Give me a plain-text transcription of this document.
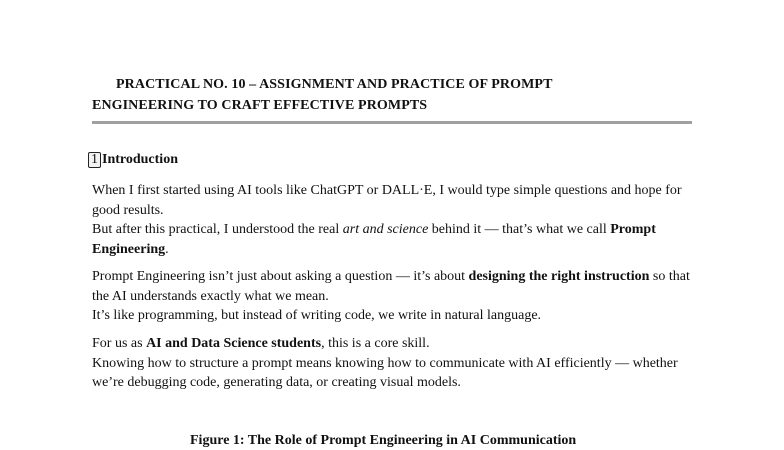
PRACTICAL NO. 10 – ASSIGNMENT AND PRACTICE OF PROMPT
ENGINEERING TO CRAFT EFFECTIVE PROMPTS
1 Introduction
When I first started using AI tools like ChatGPT or DALL·E, I would type simple questions and hope for good results.
But after this practical, I understood the real art and science behind it — that’s what we call Prompt Engineering.
Prompt Engineering isn’t just about asking a question — it’s about designing the right instruction so that the AI understands exactly what we mean.
It’s like programming, but instead of writing code, we write in natural language.
For us as AI and Data Science students, this is a core skill.
Knowing how to structure a prompt means knowing how to communicate with AI efficiently — whether we’re debugging code, generating data, or creating visual models.
Figure 1: The Role of Prompt Engineering in AI Communication
